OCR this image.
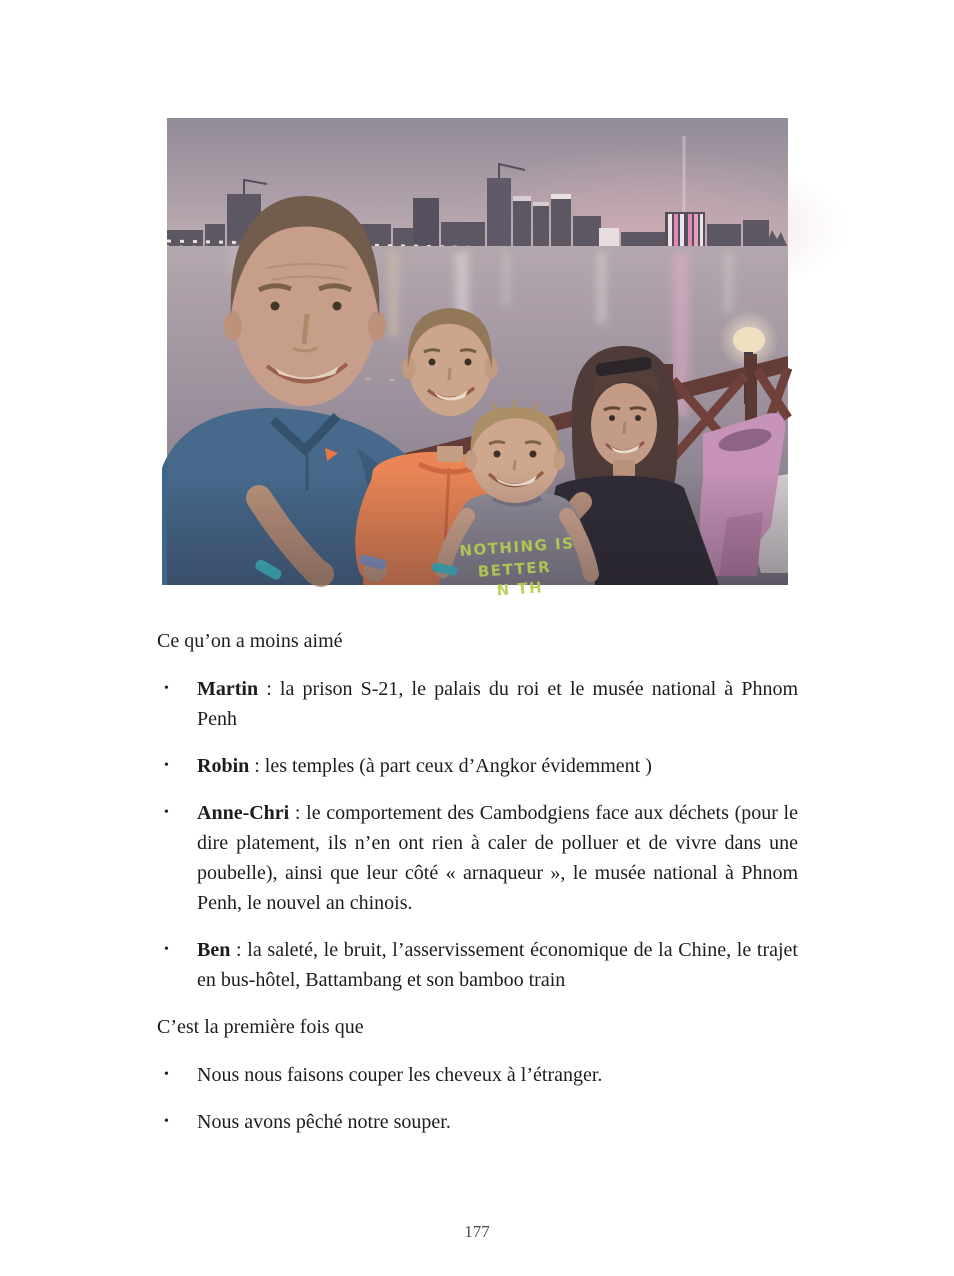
NOTHING IS
BETTER
N TH

Ce qu’on a moins aimé

•	Martin : la prison S-21, le palais du roi et le musée national à Phnom Penh
•	Robin : les temples (à part ceux d’Angkor évidemment )
•	Anne-Chri : le comportement des Cambodgiens face aux déchets (pour le dire platement, ils n’en ont rien à caler de polluer et de vivre dans une poubelle), ainsi que leur côté « arnaqueur », le musée national à Phnom Penh, le nouvel an chinois.
•	Ben : la saleté, le bruit, l’asservissement économique de la Chine, le trajet en bus-hôtel, Battambang et son bamboo train

C’est la première fois que

•	Nous nous faisons couper les cheveux à l’étranger.
•	Nous avons pêché notre souper.
177
